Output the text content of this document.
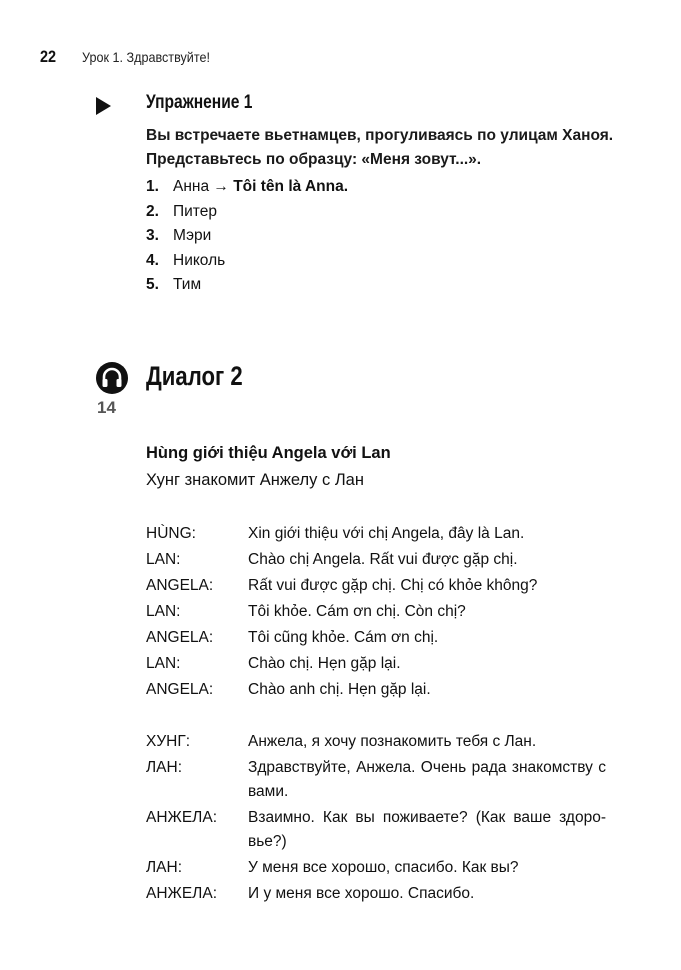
22	Урок 1. Здравствуйте!
Упражнение 1
Вы встречаете вьетнамцев, прогуливаясь по улицам Ханоя. Представьтесь по образцу: «Меня зовут...».
1. Анна → Tôi tên là Anna.
2. Питер
3. Мэри
4. Николь
5. Тим
14
Диалог 2
Hùng giới thiệu Angela với Lan
Хунг знакомит Анжелу с Лан
HÙNG:	Xin giới thiệu với chị Angela, đây là Lan.
LAN:	Chào chị Angela. Rất vui được gặp chị.
ANGELA:	Rất vui được gặp chị. Chị có khỏe không?
LAN:	Tôi khỏe. Cám ơn chị. Còn chị?
ANGELA:	Tôi cũng khỏe. Cám ơn chị.
LAN:	Chào chị. Hẹn gặp lại.
ANGELA:	Chào anh chị. Hẹn gặp lại.
ХУНГ:	Анжела, я хочу познакомить тебя с Лан.
ЛАН:	Здравствуйте, Анжела. Очень рада знакомству с вами.
АНЖЕЛА:	Взаимно. Как вы поживаете? (Как ваше здоро- вье?)
ЛАН:	У меня все хорошо, спасибо. Как вы?
АНЖЕЛА:	И у меня все хорошо. Спасибо.
